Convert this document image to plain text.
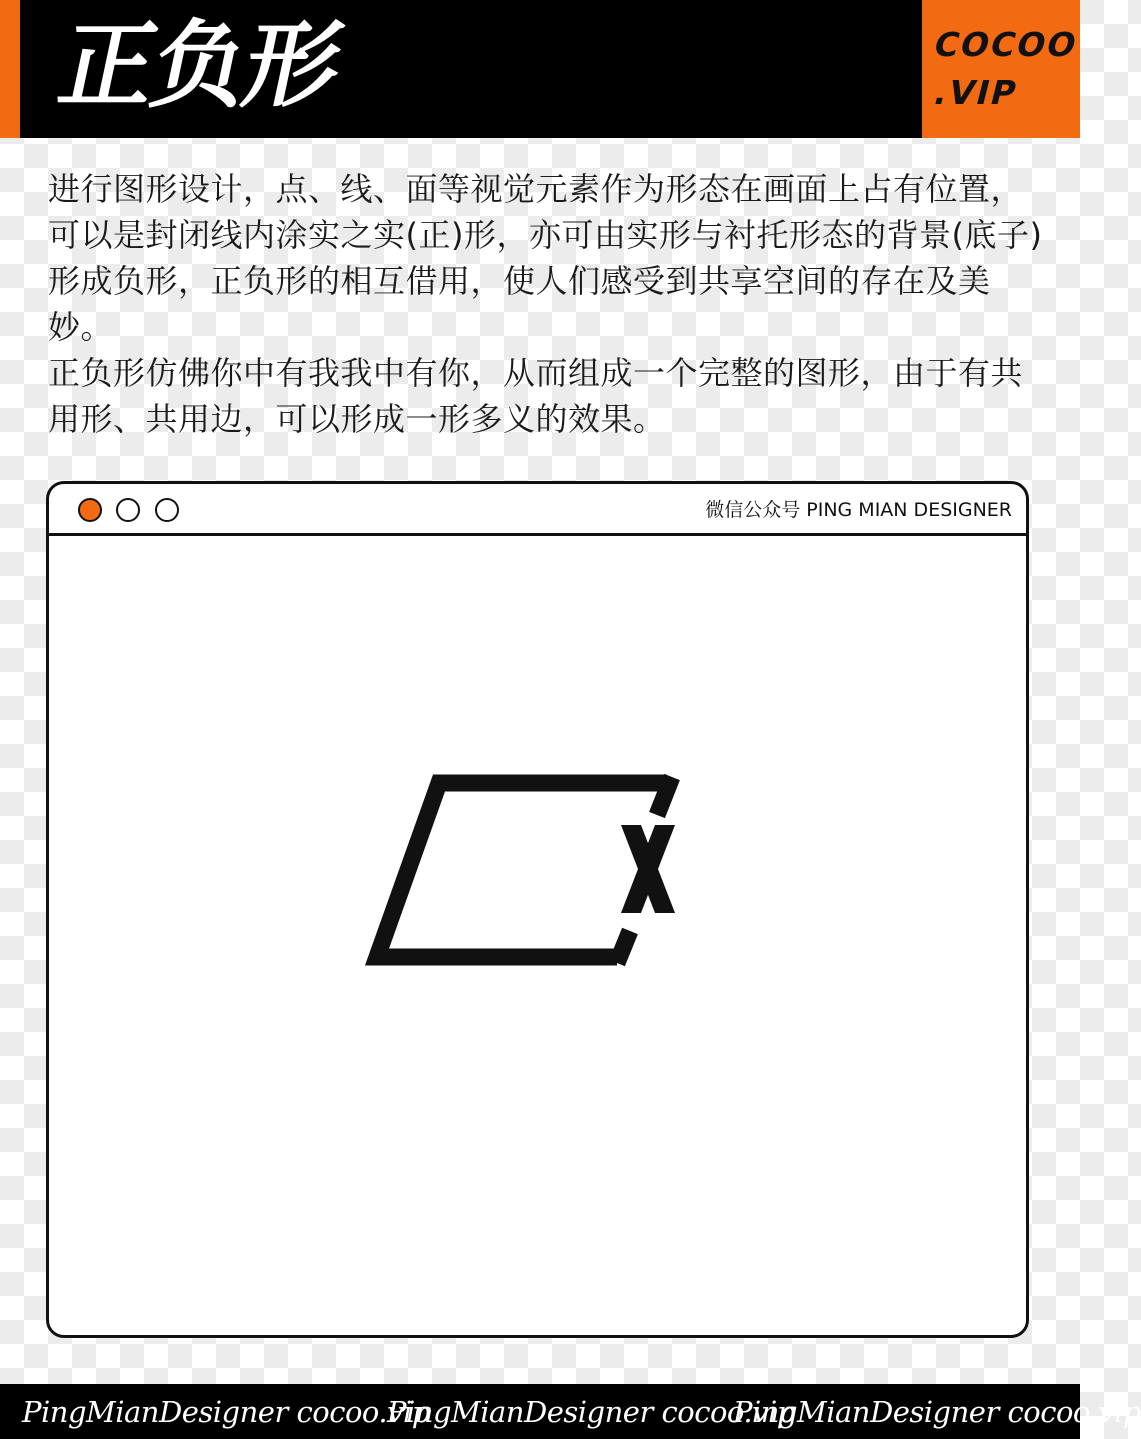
正负形	COCOO
.VIP

进行图形设计，点、线、面等视觉元素作为形态在画面上占有位置，可以是封闭线内涂实之实(正)形，亦可由实形与衬托形态的背景(底子)形成负形，正负形的相互借用，使人们感受到共享空间的存在及美妙。

正负形仿佛你中有我我中有你，从而组成一个完整的图形，由于有共用形、共用边，可以形成一形多义的效果。

微信公众号 PING MIAN DESIGNER
PingMianDesigner cocoo.vip
PingMianDesigner cocoo.vip
PingMianDesigner cocoo.vip
